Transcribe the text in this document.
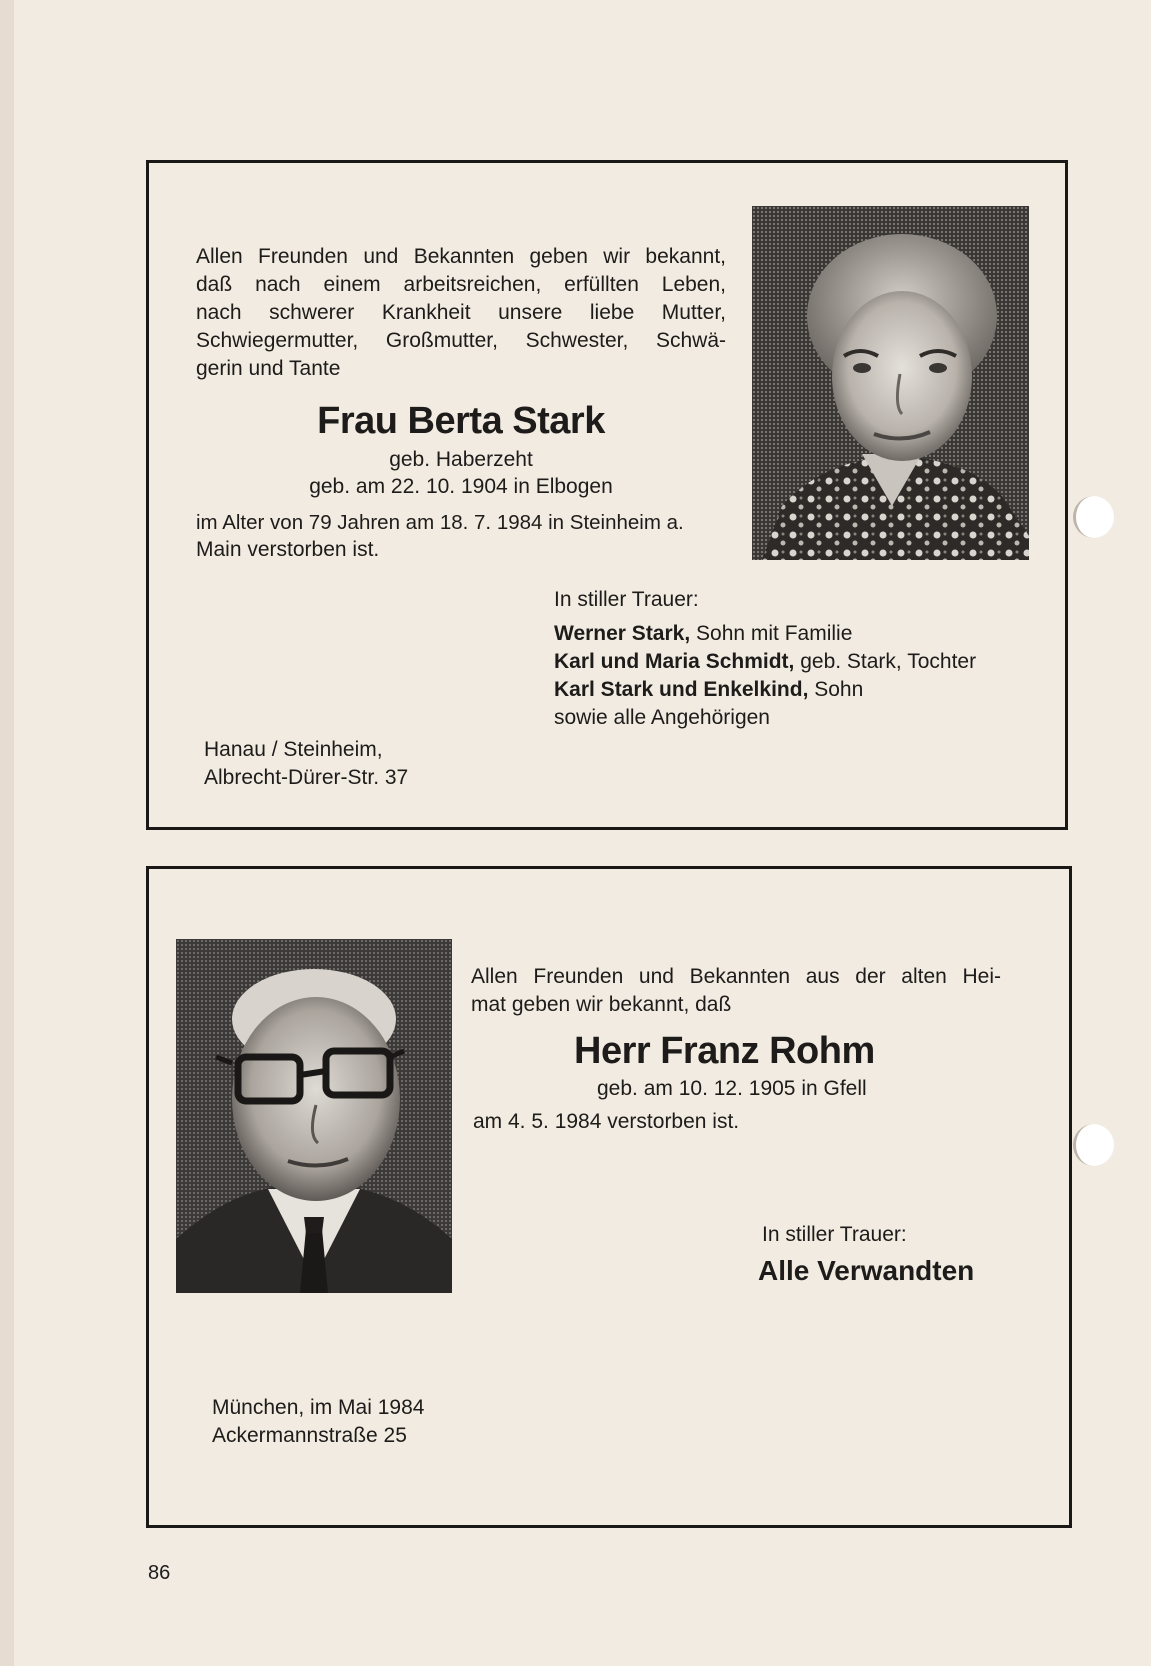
Allen Freunden und Bekannten geben wir bekannt,

daß nach einem arbeitsreichen, erfüllten Leben,

nach schwerer Krankheit unsere liebe Mutter,

Schwiegermutter, Großmutter, Schwester, Schwä-

gerin und Tante

Frau Berta Stark

geb. Haberzeht

geb. am 22. 10. 1904 in Elbogen

im Alter von 79 Jahren am 18. 7. 1984 in Steinheim a.

Main verstorben ist.

In stiller Trauer:

Werner Stark, Sohn mit Familie

Karl und Maria Schmidt, geb. Stark, Tochter

Karl Stark und Enkelkind, Sohn

sowie alle Angehörigen

Hanau / Steinheim,

Albrecht-Dürer-Str. 37

Allen Freunden und Bekannten aus der alten Hei-

mat geben wir bekannt, daß

Herr Franz Rohm

geb. am 10. 12. 1905 in Gfell

am 4. 5. 1984 verstorben ist.

In stiller Trauer:

Alle Verwandten

München, im Mai 1984

Ackermannstraße 25

86
